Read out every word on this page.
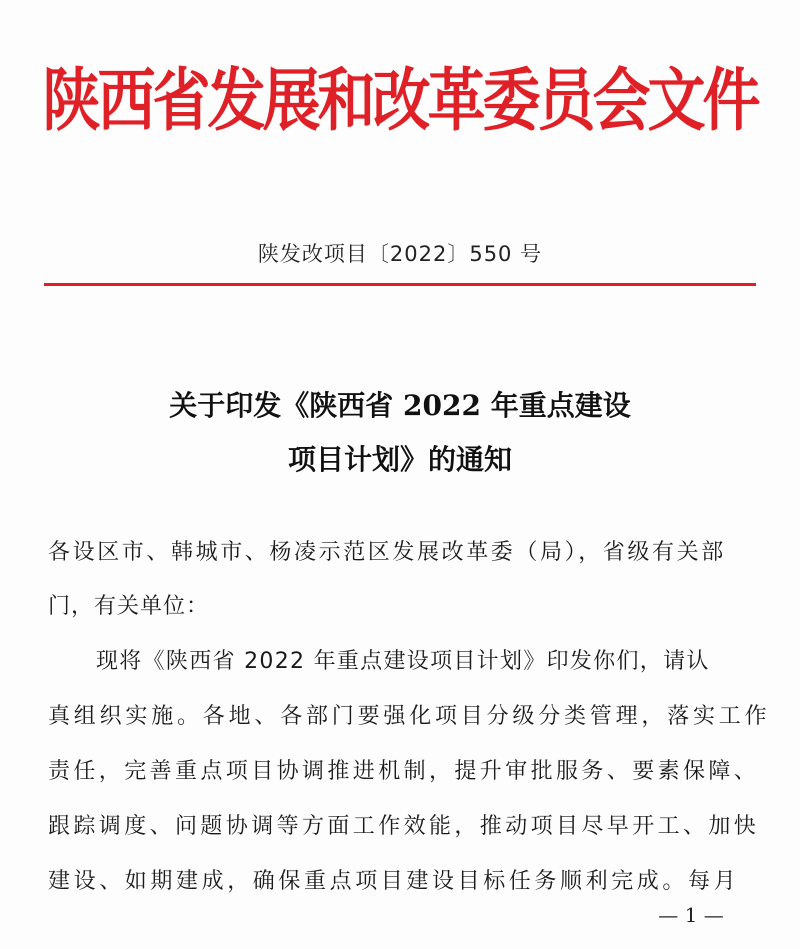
陕西省发展和改革委员会文件
陕发改项目〔2022〕550 号
关于印发《陕西省 2022 年重点建设
项目计划》的通知
各设区市、韩城市、杨凌示范区发展改革委（局），省级有关部
门，有关单位：
现将《陕西省 2022 年重点建设项目计划》印发你们，请认
真组织实施。各地、各部门要强化项目分级分类管理，落实工作
责任，完善重点项目协调推进机制，提升审批服务、要素保障、
跟踪调度、问题协调等方面工作效能，推动项目尽早开工、加快
建设、如期建成，确保重点项目建设目标任务顺利完成。每月
— 1 —
